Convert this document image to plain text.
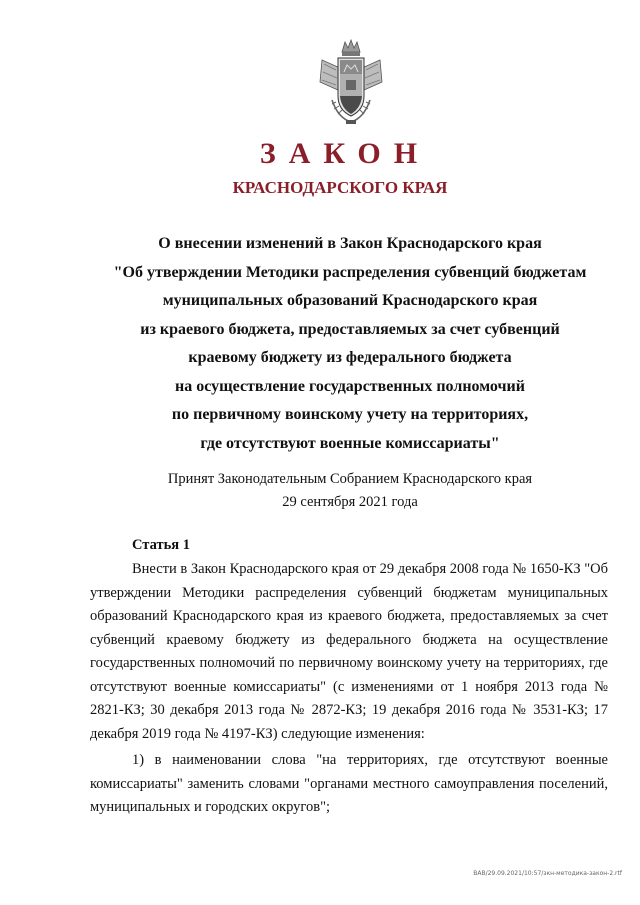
ЗАКОН
КРАСНОДАРСКОГО КРАЯ
О внесении изменений в Закон Краснодарского края
"Об утверждении Методики распределения субвенций бюджетам
муниципальных образований Краснодарского края
из краевого бюджета, предоставляемых за счет субвенций
краевому бюджету из федерального бюджета
на осуществление государственных полномочий
по первичному воинскому учету на территориях,
где отсутствуют военные комиссариаты"
Принят Законодательным Собранием Краснодарского края
29 сентября 2021 года
Статья 1

Внести в Закон Краснодарского края от 29 декабря 2008 года № 1650-КЗ "Об утверждении Методики распределения субвенций бюджетам муниципальных образований Краснодарского края из краевого бюджета, предоставляемых за счет субвенций краевому бюджету из федерального бюджета на осуществление государственных полномочий по первичному воинскому учету на территориях, где отсутствуют военные комиссариаты" (с изменениями от 1 ноября 2013 года № 2821-КЗ; 30 декабря 2013 года № 2872-КЗ; 19 декабря 2016 года № 3531-КЗ; 17 декабря 2019 года № 4197-КЗ) следующие изменения:

1) в наименовании слова "на территориях, где отсутствуют военные комиссариаты" заменить словами "органами местного самоуправления поселений, муниципальных и городских округов";

ВАВ/29.09.2021/10:57/зкн-методика-закон-2.rtf
